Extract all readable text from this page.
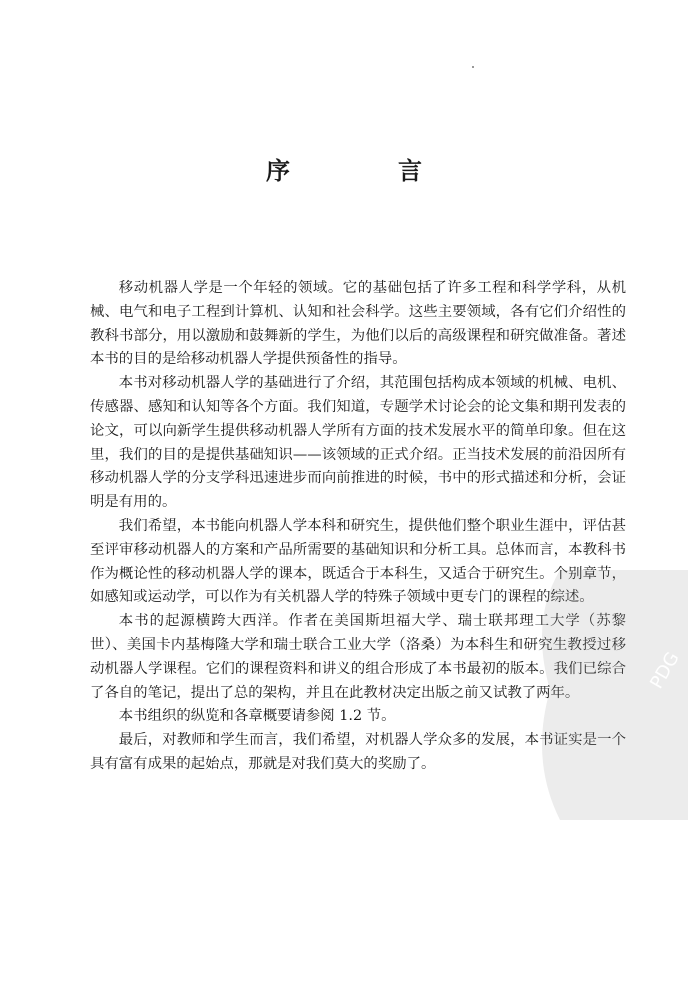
序　言

移动机器人学是一个年轻的领域。它的基础包括了许多工程和科学学科，从机械、电气和电子工程到计算机、认知和社会科学。这些主要领域，各有它们介绍性的教科书部分，用以激励和鼓舞新的学生，为他们以后的高级课程和研究做准备。著述本书的目的是给移动机器人学提供预备性的指导。

本书对移动机器人学的基础进行了介绍，其范围包括构成本领域的机械、电机、传感器、感知和认知等各个方面。我们知道，专题学术讨论会的论文集和期刊发表的论文，可以向新学生提供移动机器人学所有方面的技术发展水平的简单印象。但在这里，我们的目的是提供基础知识——该领域的正式介绍。正当技术发展的前沿因所有移动机器人学的分支学科迅速进步而向前推进的时候，书中的形式描述和分析，会证明是有用的。

我们希望，本书能向机器人学本科和研究生，提供他们整个职业生涯中，评估甚至评审移动机器人的方案和产品所需要的基础知识和分析工具。总体而言，本教科书作为概论性的移动机器人学的课本，既适合于本科生，又适合于研究生。个别章节，如感知或运动学，可以作为有关机器人学的特殊子领域中更专门的课程的综述。

本书的起源横跨大西洋。作者在美国斯坦福大学、瑞士联邦理工大学（苏黎世）、美国卡内基梅隆大学和瑞士联合工业大学（洛桑）为本科生和研究生教授过移动机器人学课程。它们的课程资料和讲义的组合形成了本书最初的版本。我们已综合了各自的笔记，提出了总的架构，并且在此教材决定出版之前又试教了两年。

本书组织的纵览和各章概要请参阅 1.2 节。

最后，对教师和学生而言，我们希望，对机器人学众多的发展，本书证实是一个具有富有成果的起始点，那就是对我们莫大的奖励了。

PDG
